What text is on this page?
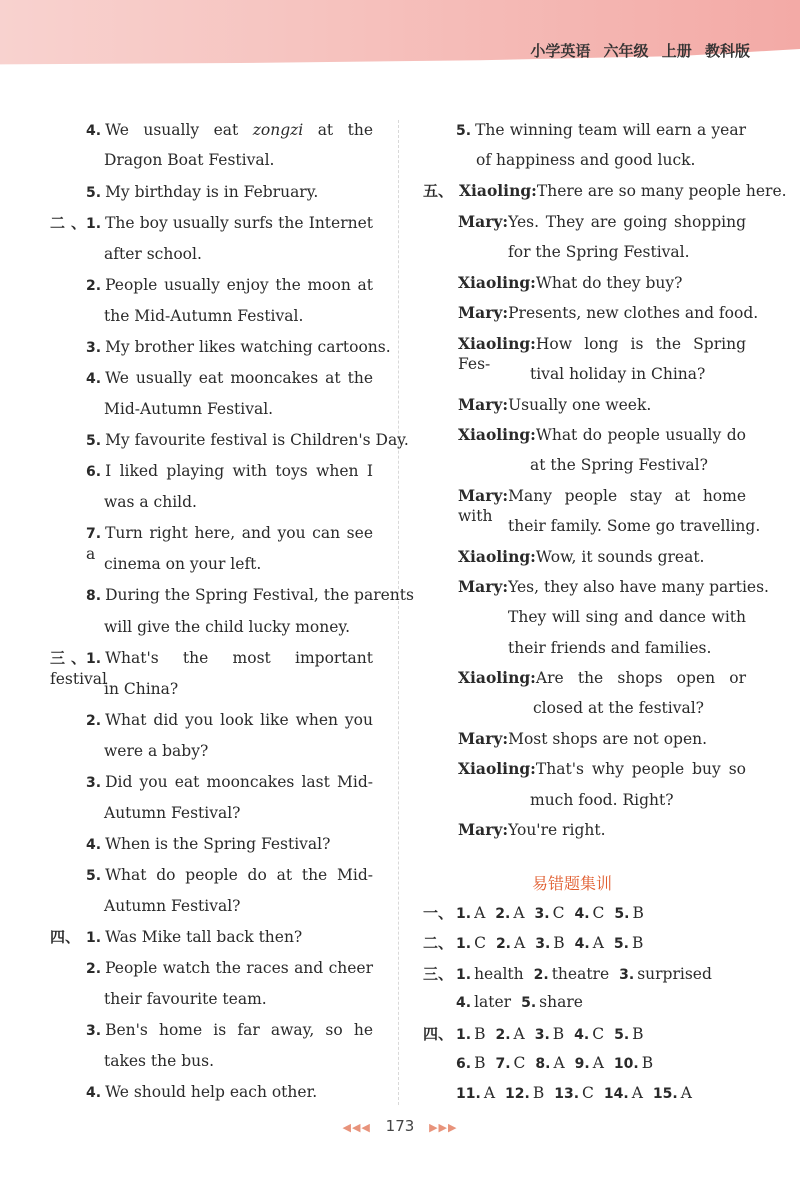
小学英语 六年级 上册 教科版
4. We usually eat zongzi at the
Dragon Boat Festival.
5. My birthday is in February.
二、1. The boy usually surfs the Internet
after school.
2. People usually enjoy the moon at
the Mid-Autumn Festival.
3. My brother likes watching cartoons.
4. We usually eat mooncakes at the
Mid-Autumn Festival.
5. My favourite festival is Children's Day.
6. I liked playing with toys when I
was a child.
7. Turn right here, and you can see a
cinema on your left.
8. During the Spring Festival, the parents
will give the child lucky money.
三、1. What's the most important festival
in China?
2. What did you look like when you
were a baby?
3. Did you eat mooncakes last Mid-
Autumn Festival?
4. When is the Spring Festival?
5. What do people do at the Mid-
Autumn Festival?
四、 1. Was Mike tall back then?
2. People watch the races and cheer
their favourite team.
3. Ben's home is far away, so he
takes the bus.
4. We should help each other.
5. The winning team will earn a year
of happiness and good luck.
五、 Xiaoling:There are so many people here.
Mary:Yes. They are going shopping
for the Spring Festival.
Xiaoling:What do they buy?
Mary:Presents, new clothes and food.
Xiaoling:How long is the Spring Fes-
tival holiday in China?
Mary:Usually one week.
Xiaoling:What do people usually do
at the Spring Festival?
Mary:Many people stay at home with
their family. Some go travelling.
Xiaoling:Wow, it sounds great.
Mary:Yes, they also have many parties.
They will sing and dance with
their friends and families.
Xiaoling:Are the shops open or
closed at the festival?
Mary:Most shops are not open.
Xiaoling:That's why people buy so
much food. Right?
Mary:You're right.
易错题集训
一、 1. A 2. A 3. C 4. C 5. B
二、 1. C 2. A 3. B 4. A 5. B
三、 1. health 2. theatre 3. surprised
4. later 5. share
四、 1. B 2. A 3. B 4. C 5. B
6. B 7. C 8. A 9. A 10. B
11. A 12. B 13. C 14. A 15. A
◀◀◀ 173 ▶▶▶
